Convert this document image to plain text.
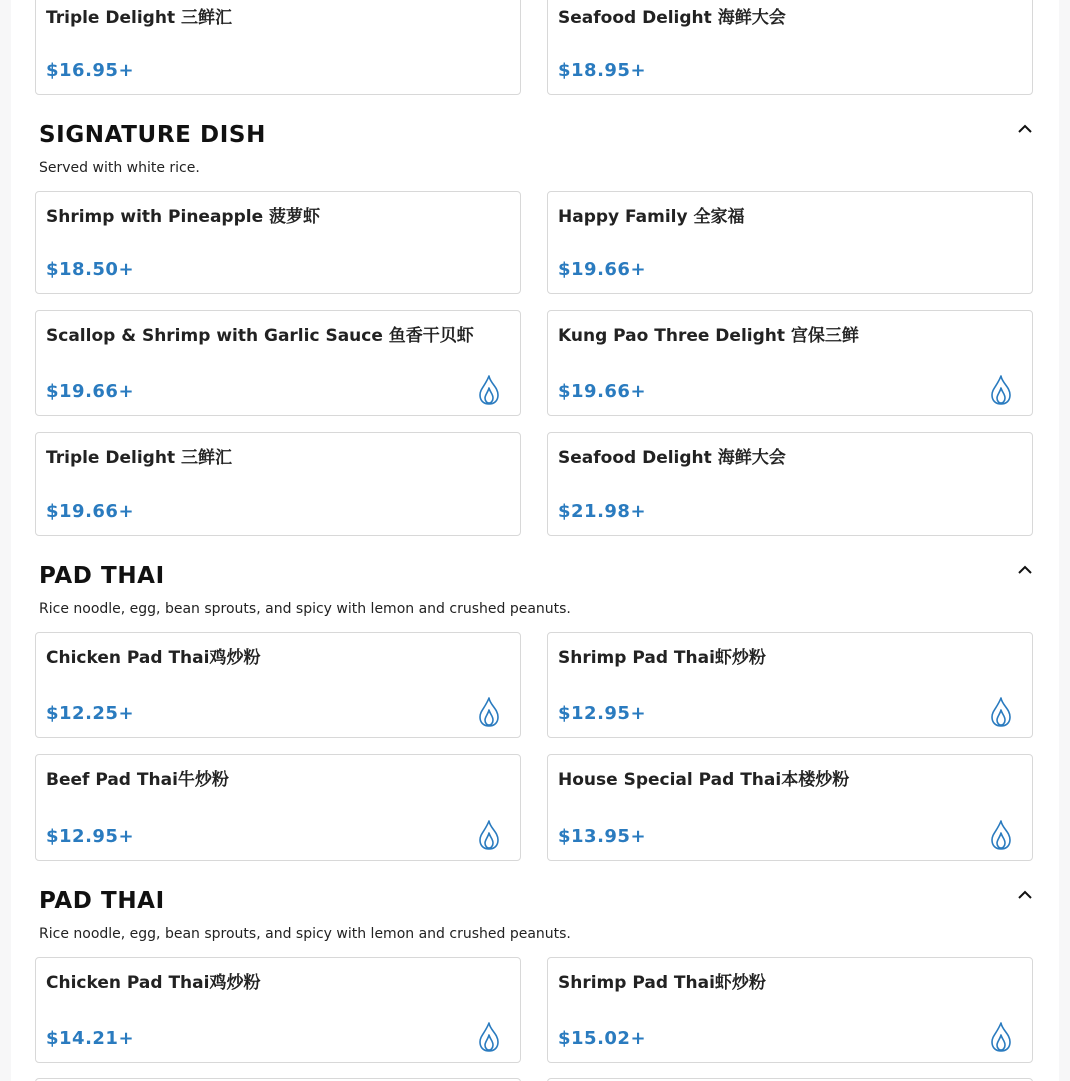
Triple Delight 三鲜汇
$16.95+
Seafood Delight 海鲜大会
$18.95+
SIGNATURE DISH
Served with white rice.
Shrimp with Pineapple 菠萝虾
$18.50+
Happy Family 全家福
$19.66+
Scallop & Shrimp with Garlic Sauce 鱼香干贝虾
$19.66+
Kung Pao Three Delight 宫保三鲜
$19.66+
Triple Delight 三鲜汇
$19.66+
Seafood Delight 海鲜大会
$21.98+
PAD THAI
Rice noodle, egg, bean sprouts, and spicy with lemon and crushed peanuts.
Chicken Pad Thai鸡炒粉
$12.25+
Shrimp Pad Thai虾炒粉
$12.95+
Beef Pad Thai牛炒粉
$12.95+
House Special Pad Thai本楼炒粉
$13.95+
PAD THAI
Rice noodle, egg, bean sprouts, and spicy with lemon and crushed peanuts.
Chicken Pad Thai鸡炒粉
$14.21+
Shrimp Pad Thai虾炒粉
$15.02+
